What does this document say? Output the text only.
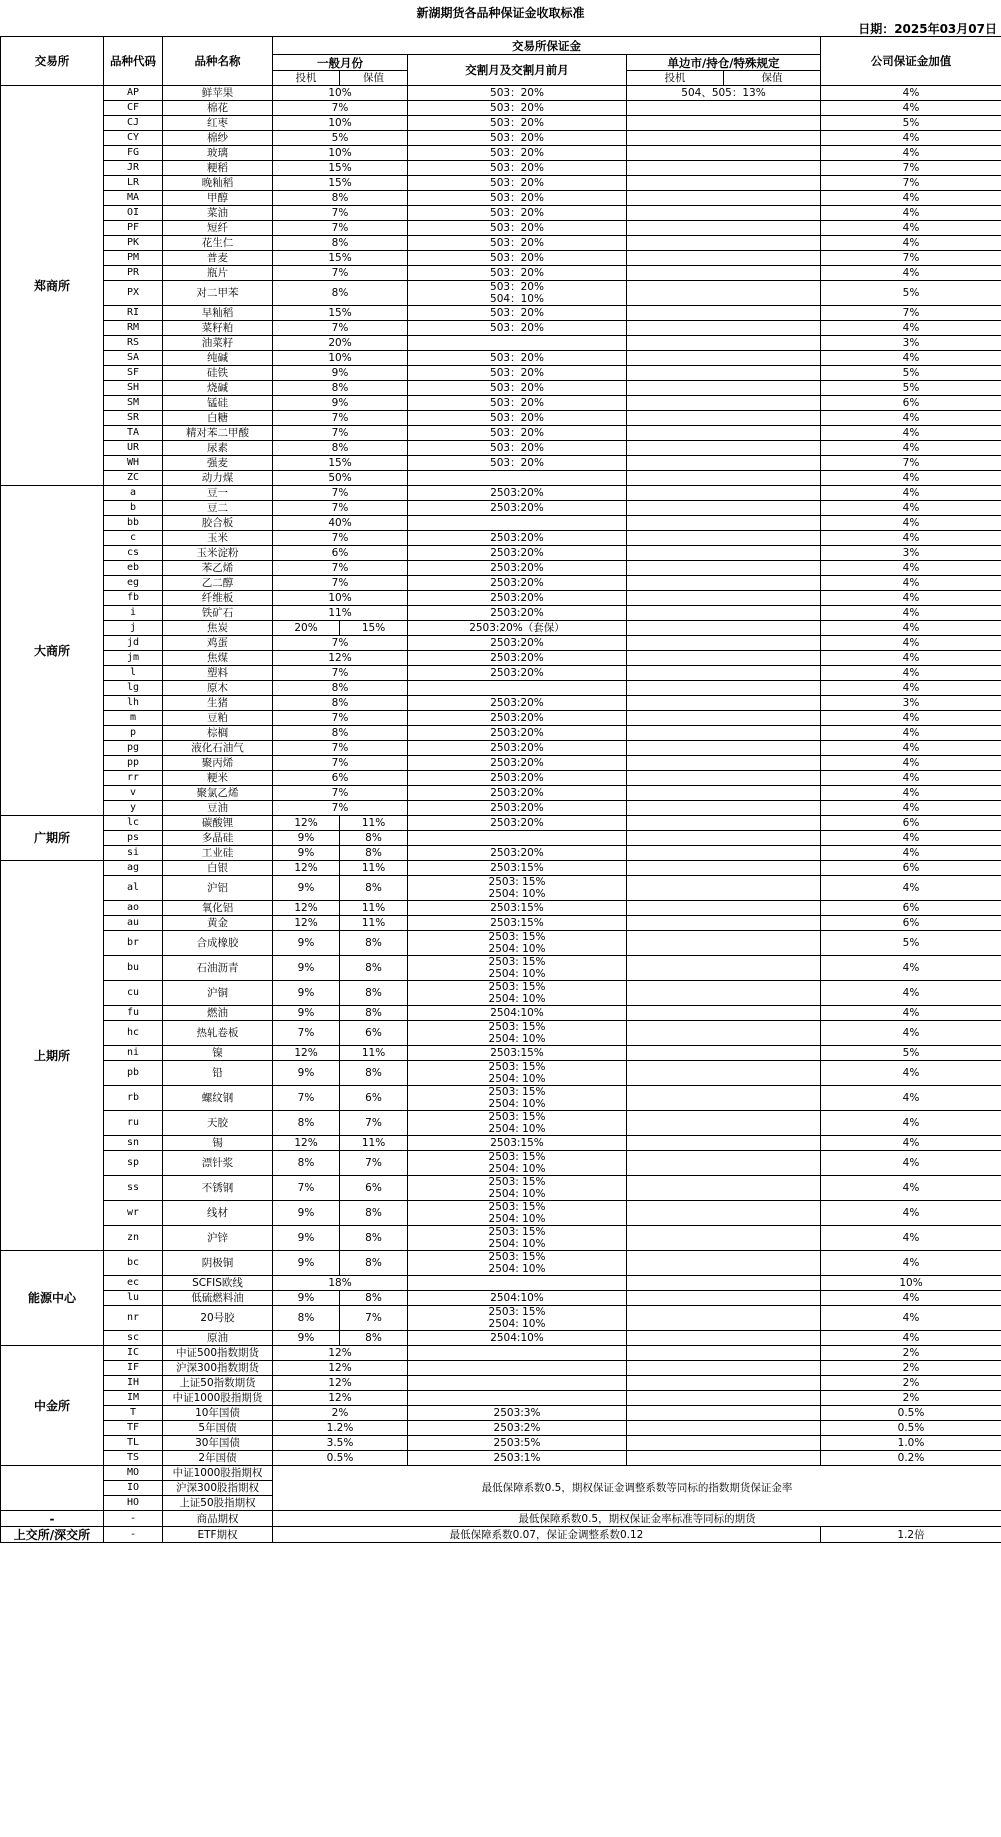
新湖期货各品种保证金收取标准
日期：2025年03月07日
交易所	品种代码	品种名称	交易所保证金					公司保证金加值
			一般月份		交割月及交割月前月	单边市/持仓/特殊规定		
			投机	保值		投机	保值	
郑商所	AP	鲜苹果	10%		503：20%	504、505：13%		4%
	CF	棉花	7%		503：20%			4%
	CJ	红枣	10%		503：20%			5%
	CY	棉纱	5%		503：20%			4%
	FG	玻璃	10%		503：20%			4%
	JR	粳稻	15%		503：20%			7%
	LR	晚籼稻	15%		503：20%			7%
	MA	甲醇	8%		503：20%			4%
	OI	菜油	7%		503：20%			4%
	PF	短纤	7%		503：20%			4%
	PK	花生仁	8%		503：20%			4%
	PM	普麦	15%		503：20%			7%
	PR	瓶片	7%		503：20%			4%
	PX	对二甲苯	8%		503：20%
504：10%			5%
	RI	早籼稻	15%		503：20%			7%
	RM	菜籽粕	7%		503：20%			4%
	RS	油菜籽	20%					3%
	SA	纯碱	10%		503：20%			4%
	SF	硅铁	9%		503：20%			5%
	SH	烧碱	8%		503：20%			5%
	SM	锰硅	9%		503：20%			6%
	SR	白糖	7%		503：20%			4%
	TA	精对苯二甲酸	7%		503：20%			4%
	UR	尿素	8%		503：20%			4%
	WH	强麦	15%		503：20%			7%
	ZC	动力煤	50%					4%
大商所	a	豆一	7%		2503:20%			4%
	b	豆二	7%		2503:20%			4%
	bb	胶合板	40%					4%
	c	玉米	7%		2503:20%			4%
	cs	玉米淀粉	6%		2503:20%			3%
	eb	苯乙烯	7%		2503:20%			4%
	eg	乙二醇	7%		2503:20%			4%
	fb	纤维板	10%		2503:20%			4%
	i	铁矿石	11%		2503:20%			4%
	j	焦炭	20%	15%	2503:20%（套保）			4%
	jd	鸡蛋	7%		2503:20%			4%
	jm	焦煤	12%		2503:20%			4%
	l	塑料	7%		2503:20%			4%
	lg	原木	8%					4%
	lh	生猪	8%		2503:20%			3%
	m	豆粕	7%		2503:20%			4%
	p	棕榈	8%		2503:20%			4%
	pg	液化石油气	7%		2503:20%			4%
	pp	聚丙烯	7%		2503:20%			4%
	rr	粳米	6%		2503:20%			4%
	v	聚氯乙烯	7%		2503:20%			4%
	y	豆油	7%		2503:20%			4%
广期所	lc	碳酸锂	12%	11%	2503:20%			6%
	ps	多晶硅	9%	8%				4%
	si	工业硅	9%	8%	2503:20%			4%
上期所	ag	白银	12%	11%	2503:15%			6%
	al	沪铝	9%	8%	2503: 15%
2504: 10%			4%
	ao	氧化铝	12%	11%	2503:15%			6%
	au	黄金	12%	11%	2503:15%			6%
	br	合成橡胶	9%	8%	2503: 15%
2504: 10%			5%
	bu	石油沥青	9%	8%	2503: 15%
2504: 10%			4%
	cu	沪铜	9%	8%	2503: 15%
2504: 10%			4%
	fu	燃油	9%	8%	2504:10%			4%
	hc	热轧卷板	7%	6%	2503: 15%
2504: 10%			4%
	ni	镍	12%	11%	2503:15%			5%
	pb	铅	9%	8%	2503: 15%
2504: 10%			4%
	rb	螺纹钢	7%	6%	2503: 15%
2504: 10%			4%
	ru	天胶	8%	7%	2503: 15%
2504: 10%			4%
	sn	锡	12%	11%	2503:15%			4%
	sp	漂针浆	8%	7%	2503: 15%
2504: 10%			4%
	ss	不锈钢	7%	6%	2503: 15%
2504: 10%			4%
	wr	线材	9%	8%	2503: 15%
2504: 10%			4%
	zn	沪锌	9%	8%	2503: 15%
2504: 10%			4%
能源中心	bc	阴极铜	9%	8%	2503: 15%
2504: 10%			4%
	ec	SCFIS欧线	18%					10%
	lu	低硫燃料油	9%	8%	2504:10%			4%
	nr	20号胶	8%	7%	2503: 15%
2504: 10%			4%
	sc	原油	9%	8%	2504:10%			4%
中金所	IC	中证500指数期货	12%					2%
	IF	沪深300指数期货	12%					2%
	IH	上证50指数期货	12%					2%
	IM	中证1000股指期货	12%					2%
	T	10年国债	2%		2503:3%			0.5%
	TF	5年国债	1.2%		2503:2%			0.5%
	TL	30年国债	3.5%		2503:5%			1.0%
	TS	2年国债	0.5%		2503:1%			0.2%
	MO	中证1000股指期权	最低保障系数0.5，期权保证金调整系数等同标的指数期货保证金率					
	IO	沪深300股指期权						
	HO	上证50股指期权						
-	-	商品期权	最低保障系数0.5，期权保证金率标准等同标的期货					
上交所/深交所	-	ETF期权	最低保障系数0.07，保证金调整系数0.12					1.2倍
